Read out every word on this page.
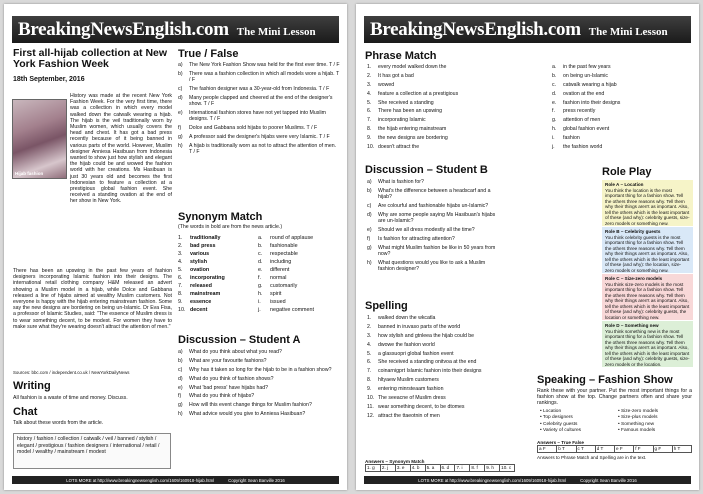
BreakingNewsEnglish.com The Mini Lesson
First all-hijab collection at New York Fashion Week
18th September, 2016
Hijab fashion

History was made at the recent New York Fashion Week. For the very first time, there was a collection in which every model walked down the catwalk wearing a hijab. The hijab is the veil traditionally worn by Muslim women, which usually covers the head and chest. It has got a bad press recently because of it being banned in various parts of the world. However, Muslim designer Anniesa Hasibuan from Indonesia wanted to show just how stylish and elegant the hijab could be and wowed the fashion world with her creations. Ms Hasibuan is just 30 years old and becomes the first Indonesian to feature a collection at a prestigious global fashion event. She received a standing ovation at the end of her show in New York.

There has been an upswing in the past few years of fashion designers incorporating Islamic fashion into their designs. The international retail clothing company H&M released an advert showing a Muslim model in a hijab, while Dolce and Gabbana released a line of hijabs aimed at wealthy Muslim customers. Not everyone is happy with the hijab entering mainstream fashion. Some say the new designs are bordering on being un-Islamic. Dr Eva Fisa, a professor of Islamic Studies, said: "The essence of Muslim dress is to wear something decent, to be modest. For women they have to make sure what they're wearing doesn't attract the attention of men."

Sources: bbc.com / independent.co.uk / NewYorkDailyNews
Writing
All fashion is a waste of time and money. Discuss.
Chat
Talk about these words from the article.
history / fashion / collection / catwalk / veil / banned / stylish / elegant / prestigious / fashion designers / international / retail / model / wealthy / mainstream / modest
True / False
a)	The New York Fashion Show was held for the first ever time. T / F
b)	There was a fashion collection in which all models wore a hijab. T / F
c)	The fashion designer was a 30-year-old from Indonesia. T / F
d)	Many people clapped and cheered at the end of the designer's show. T / F
e)	International fashion stores have not yet tapped into Muslim designs. T / F
f)	Dolce and Gabbana sold hijabs to poorer Muslims. T / F
g)	A professor said the designer's hijabs were very Islamic. T / F
h)	A hijab is traditionally worn as not to attract the attention of men. T / F
Synonym Match
(The words in bold are from the news article.)
1.	traditionally	a.	round of applause
2.	bad press	b.	fashionable
3.	various	c.	respectable
4.	stylish	d.	including
5.	ovation	e.	different
6.	incorporating	f.	normal
7.	released	g.	customarily
8.	mainstream	h.	spirit
9.	essence	i.	issued
10. decent	j.	negative comment
Discussion – Student A
a)	What do you think about what you read?
b)	What are your favourite fashions?
c)	Why has it taken so long for the hijab to be in a fashion show?
d)	What do you think of fashion shows?
e)	What 'bad press' have hijabs had?
f)	What do you think of hijabs?
g)	How will this event change things for Muslim fashion?
h)	What advice would you give to Anniesa Hasibuan?
LOTS MORE at http://www.breakingnewsenglish.com/1609/160918-hijab.html	Copyright Sean Banville 2016
BreakingNewsEnglish.com The Mini Lesson
Phrase Match
1.	every model walked down the
2.	It has got a bad
3.	wowed
4.	feature a collection at a prestigious
5.	She received a standing
6.	There has been an upswing
7.	incorporating Islamic
8.	the hijab entering mainstream
9.	the new designs are bordering
10. doesn't attract the
a.	in the past few years
b.	on being un-Islamic
c.	catwalk wearing a hijab
d.	ovation at the end
e.	fashion into their designs
f.	press recently
g.	attention of men
h.	global fashion event
i.	fashion
j.	the fashion world
Discussion – Student B
a)	What is fashion for?
b)	What's the difference between a headscarf and a hijab?
c)	Are colourful and fashionable hijabs un-Islamic?
d)	Why are some people saying Ms Hasibuan's hijabs are un-Islamic?
e)	Should we all dress modestly all the time?
f)	Is fashion for attracting attention?
g)	What might Muslim fashion be like in 50 years from now?
h)	What questions would you like to ask a Muslim fashion designer?
Spelling
1.	walked down the wkcatla
2.	banned in iruvaso parts of the world
3.	how stylish and gtnleea the hijab could be
4.	dwowe the fashion world
5.	a glassuopri global fashion event
6.	She received a standing onitvoa at the end
7.	coinarnigprt Islamic fashion into their designs
8.	hltyaew Muslim customers
9.	entering minrsteaam fashion
10. The seeacne of Muslim dress
11. wear something decent, to be dtomes
12. attract the ttaeotnin of men
Answers – Synonym Match
1. g	2. j	3. e	4. b	5. a	6. d	7. i	8. f	9. h	10. c
Role Play
Role A – Location
You think the location is the most important thing for a fashion show. Tell the others three reasons why. Tell them why their things aren't as important. Also, tell the others which is the least important of these (and why): celebrity guests, size-zero models or something new.
Role B – Celebrity guests
You think celebrity guests is the most important thing for a fashion show. Tell the others three reasons why. Tell them why their things aren't as important. Also, tell the others which is the least important of these (and why): the location, size-zero models or something new.
Role C – Size-zero models
You think size-zero models is the most important thing for a fashion show. Tell the others three reasons why. Tell them why their things aren't as important. Also, tell the others which is the least important of these (and why): celebrity guests, the location or something new.
Role D – Something new
You think something new is the most important thing for a fashion show. Tell the others three reasons why. Tell them why their things aren't as important. Also, tell the others which is the least important of these (and why): celebrity guests, size-zero models or the location.
Speaking – Fashion Show
Rank these with your partner. Put the most important things for a fashion show at the top. Change partners often and share your rankings.
• Location
• Top designers
• Celebrity guests
• Variety of cultures
• Size-zero models
• Size-plus models
• Something new
• Famous models
Answers – True False
a F	b T	c T	d T	e F	f F	g F	h T
Answers to Phrase Match and Spelling are in the text.
LOTS MORE at http://www.breakingnewsenglish.com/1609/160918-hijab.html	Copyright Sean Banville 2016
